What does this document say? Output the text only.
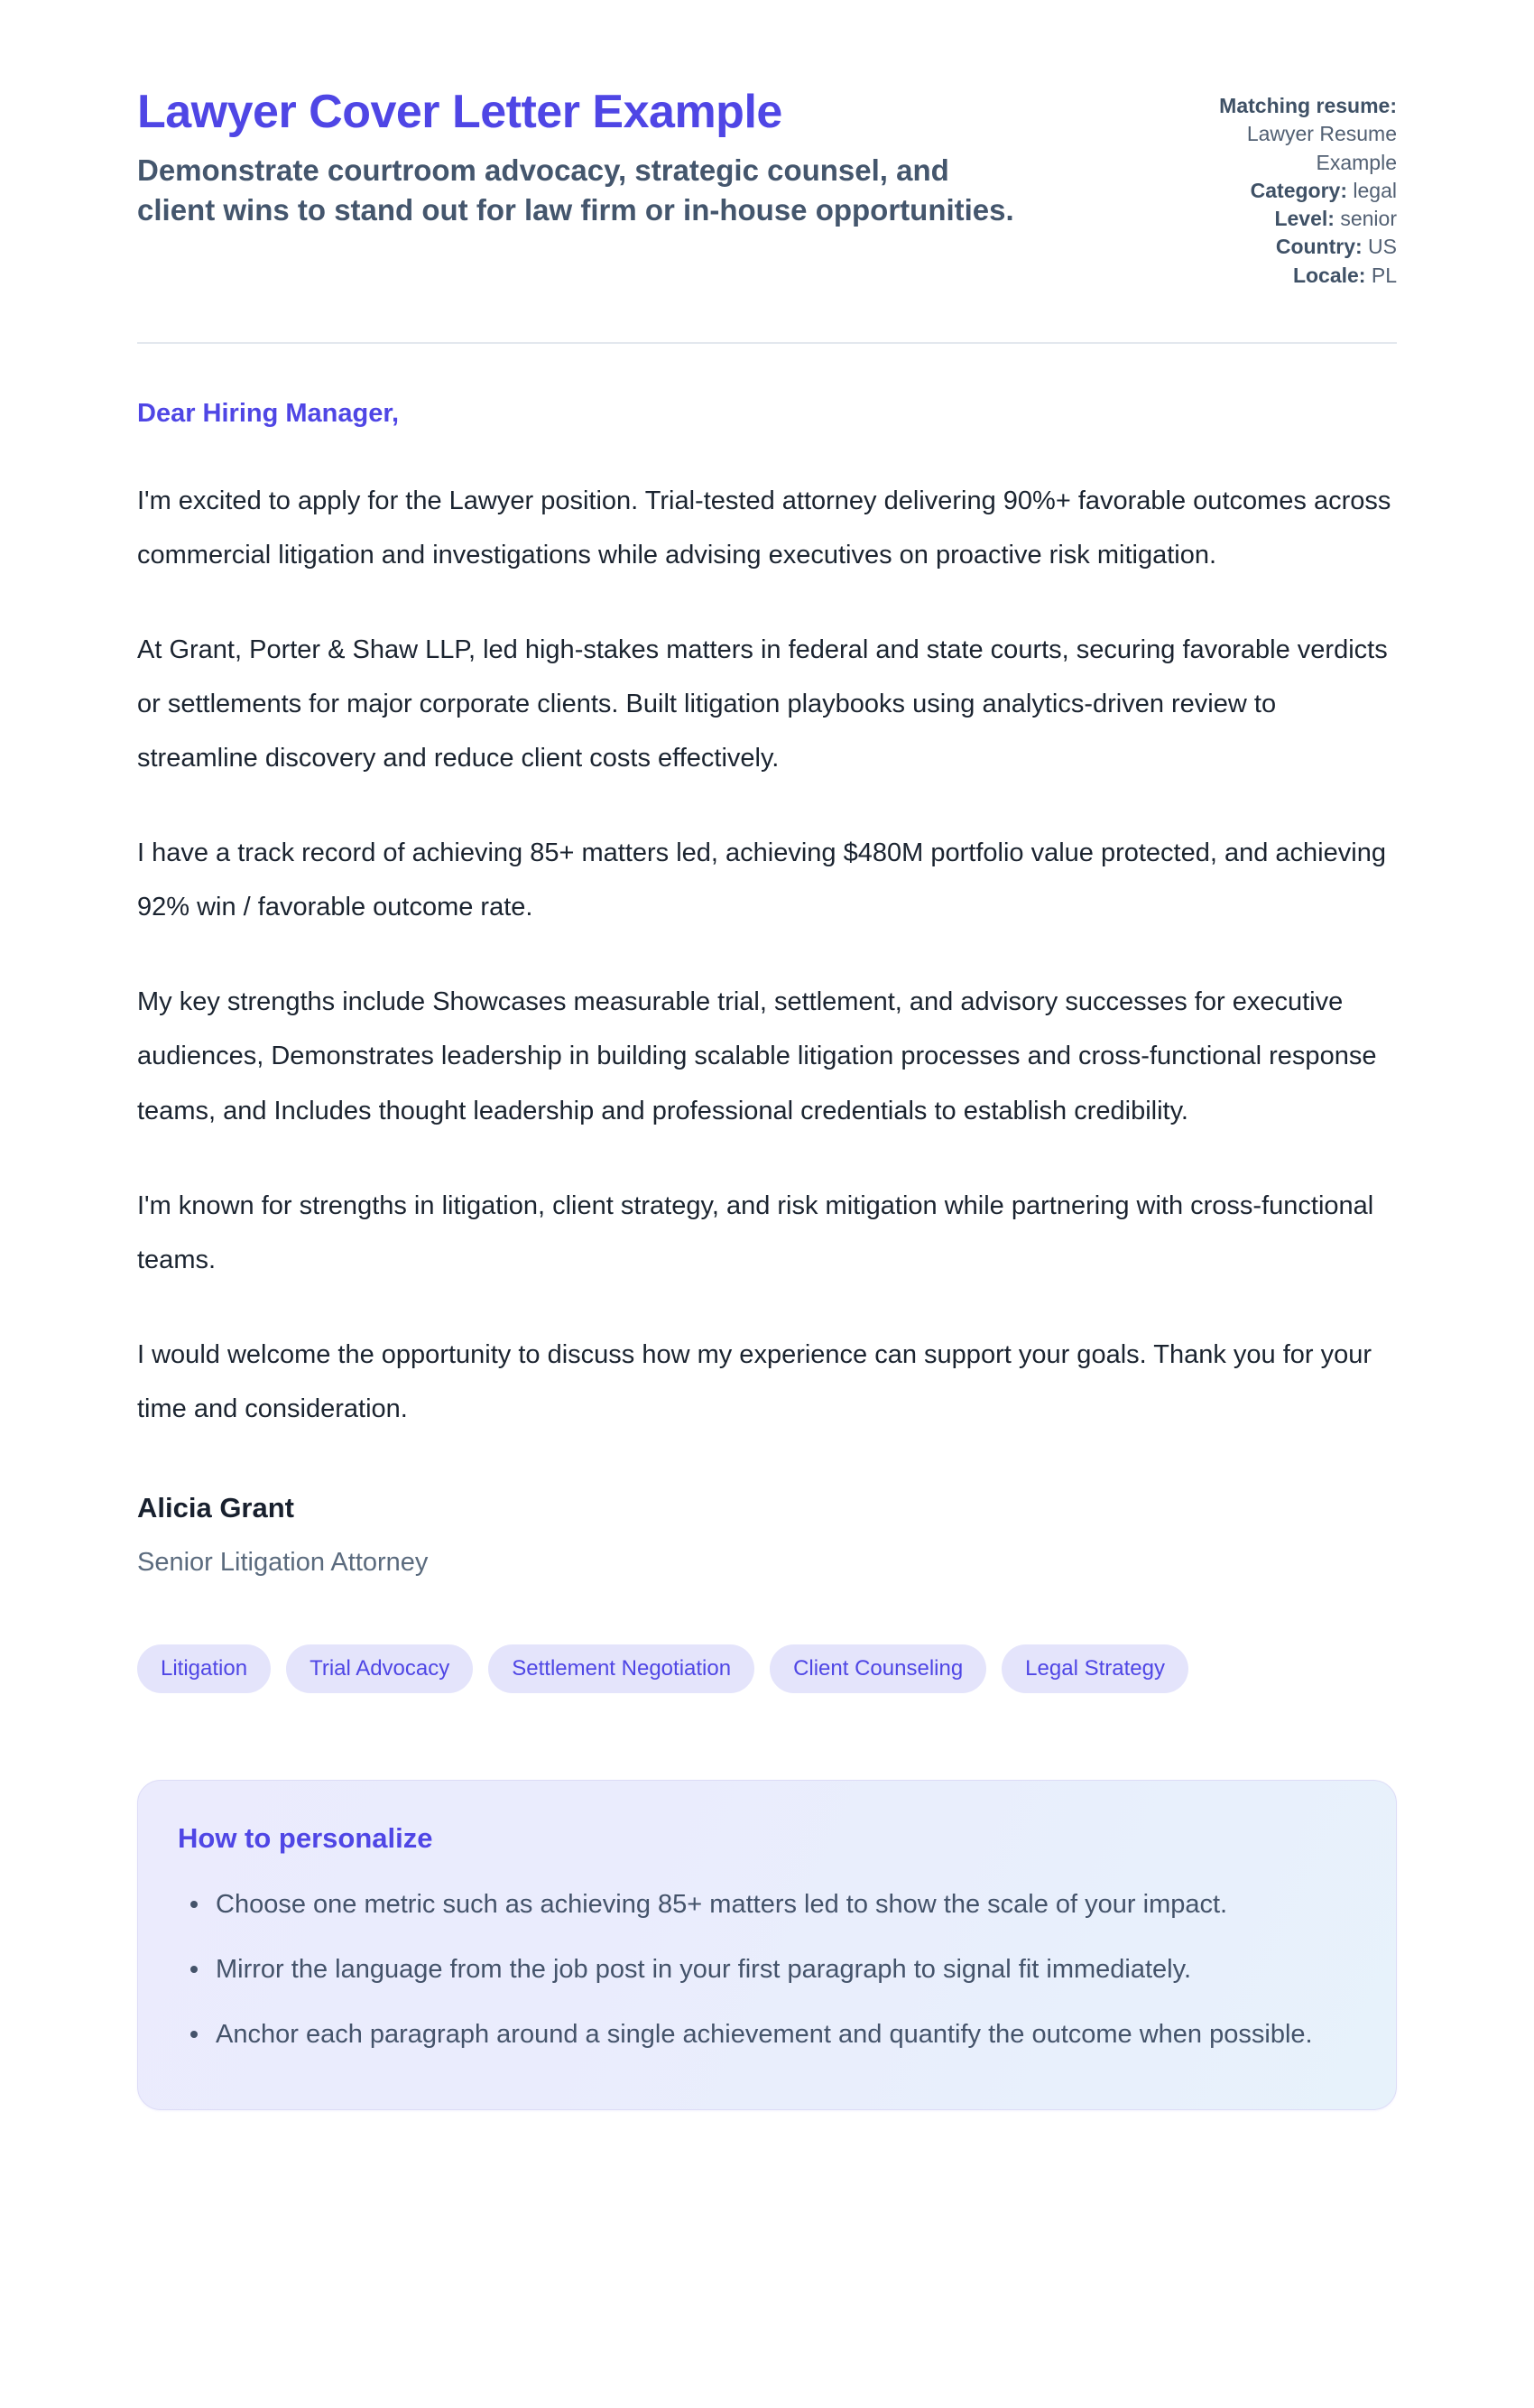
Lawyer Cover Letter Example
Demonstrate courtroom advocacy, strategic counsel, and client wins to stand out for law firm or in-house opportunities.
Matching resume:
Lawyer Resume Example
Category: legal
Level: senior
Country: US
Locale: PL
Dear Hiring Manager,

I'm excited to apply for the Lawyer position. Trial-tested attorney delivering 90%+ favorable outcomes across commercial litigation and investigations while advising executives on proactive risk mitigation.

At Grant, Porter & Shaw LLP, led high-stakes matters in federal and state courts, securing favorable verdicts or settlements for major corporate clients. Built litigation playbooks using analytics-driven review to streamline discovery and reduce client costs effectively.

I have a track record of achieving 85+ matters led, achieving $480M portfolio value protected, and achieving 92% win / favorable outcome rate.

My key strengths include Showcases measurable trial, settlement, and advisory successes for executive audiences, Demonstrates leadership in building scalable litigation processes and cross-functional response teams, and Includes thought leadership and professional credentials to establish credibility.

I'm known for strengths in litigation, client strategy, and risk mitigation while partnering with cross-functional teams.

I would welcome the opportunity to discuss how my experience can support your goals. Thank you for your time and consideration.

Alicia Grant
Senior Litigation Attorney
Litigation	Trial Advocacy	Settlement Negotiation	Client Counseling	Legal Strategy
How to personalize
Choose one metric such as achieving 85+ matters led to show the scale of your impact.
Mirror the language from the job post in your first paragraph to signal fit immediately.
Anchor each paragraph around a single achievement and quantify the outcome when possible.
